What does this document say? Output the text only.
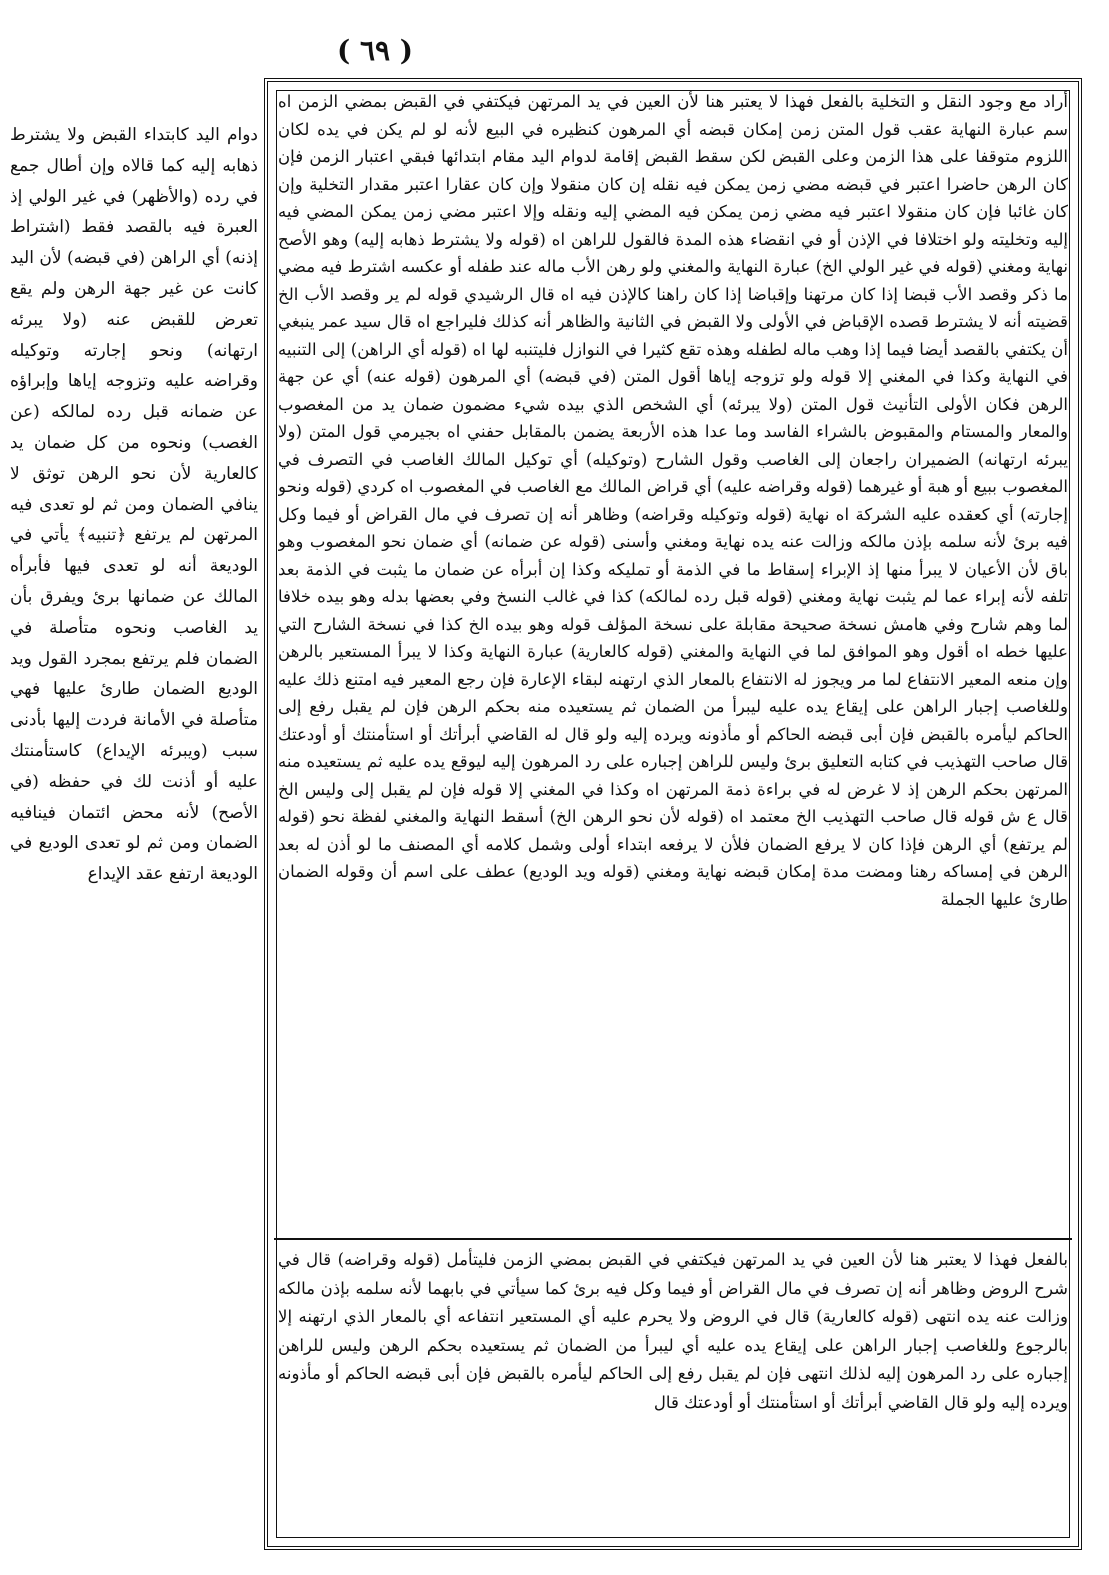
( ٦٩ )

أراد مع وجود النقل و التخلية بالفعل فهذا لا يعتبر هنا لأن العين في يد المرتهن فيكتفي في القبض بمضي الزمن اه سم عبارة النهاية عقب قول المتن زمن إمكان قبضه أي المرهون كنظيره في البيع لأنه لو لم يكن في يده لكان اللزوم متوقفا على هذا الزمن وعلى القبض لكن سقط القبض إقامة لدوام اليد مقام ابتدائها فبقي اعتبار الزمن فإن كان الرهن حاضرا اعتبر في قبضه مضي زمن يمكن فيه نقله إن كان منقولا وإن كان عقارا اعتبر مقدار التخلية وإن كان غائبا فإن كان منقولا اعتبر فيه مضي زمن يمكن فيه المضي إليه ونقله وإلا اعتبر مضي زمن يمكن المضي فيه إليه وتخليته ولو اختلافا في الإذن أو في انقضاء هذه المدة فالقول للراهن اه (قوله ولا يشترط ذهابه إليه) وهو الأصح نهاية ومغني (قوله في غير الولي الخ) عبارة النهاية والمغني ولو رهن الأب ماله عند طفله أو عكسه اشترط فيه مضي ما ذكر وقصد الأب قبضا إذا كان مرتهنا وإقباضا إذا كان راهنا كالإذن فيه اه قال الرشيدي قوله لم ير وقصد الأب الخ قضيته أنه لا يشترط قصده الإقباض في الأولى ولا القبض في الثانية والظاهر أنه كذلك فليراجع اه قال سيد عمر ينبغي أن يكتفي بالقصد أيضا فيما إذا وهب ماله لطفله وهذه تقع كثيرا في النوازل فليتنبه لها اه (قوله أي الراهن) إلى التنبيه في النهاية وكذا في المغني إلا قوله ولو تزوجه إياها أقول المتن (في قبضه) أي المرهون (قوله عنه) أي عن جهة الرهن فكان الأولى التأنيث قول المتن (ولا يبرئه) أي الشخص الذي بيده شيء مضمون ضمان يد من المغصوب والمعار والمستام والمقبوض بالشراء الفاسد وما عدا هذه الأربعة يضمن بالمقابل حفني اه بجيرمي قول المتن (ولا يبرئه ارتهانه) الضميران راجعان إلى الغاصب وقول الشارح (وتوكيله) أي توكيل المالك الغاصب في التصرف في المغصوب ببيع أو هبة أو غيرهما (قوله وقراضه عليه) أي قراض المالك مع الغاصب في المغصوب اه كردي (قوله ونحو إجارته) أي كعقده عليه الشركة اه نهاية (قوله وتوكيله وقراضه) وظاهر أنه إن تصرف في مال القراض أو فيما وكل فيه برئ لأنه سلمه بإذن مالكه وزالت عنه يده نهاية ومغني وأسنى (قوله عن ضمانه) أي ضمان نحو المغصوب وهو باق لأن الأعيان لا يبرأ منها إذ الإبراء إسقاط ما في الذمة أو تمليكه وكذا إن أبرأه عن ضمان ما يثبت في الذمة بعد تلفه لأنه إبراء عما لم يثبت نهاية ومغني (قوله قبل رده لمالكه) كذا في غالب النسخ وفي بعضها بدله وهو بيده خلافا لما وهم شارح وفي هامش نسخة صحيحة مقابلة على نسخة المؤلف قوله وهو بيده الخ كذا في نسخة الشارح التي عليها خطه اه أقول وهو الموافق لما في النهاية والمغني (قوله كالعارية) عبارة النهاية وكذا لا يبرأ المستعير بالرهن وإن منعه المعير الانتفاع لما مر ويجوز له الانتفاع بالمعار الذي ارتهنه لبقاء الإعارة فإن رجع المعير فيه امتنع ذلك عليه وللغاصب إجبار الراهن على إيقاع يده عليه ليبرأ من الضمان ثم يستعيده منه بحكم الرهن فإن لم يقبل رفع إلى الحاكم ليأمره بالقبض فإن أبى قبضه الحاكم أو مأذونه ويرده إليه ولو قال له القاضي أبرأتك أو استأمنتك أو أودعتك قال صاحب التهذيب في كتابه التعليق برئ وليس للراهن إجباره على رد المرهون إليه ليوقع يده عليه ثم يستعيده منه المرتهن بحكم الرهن إذ لا غرض له في براءة ذمة المرتهن اه وكذا في المغني إلا قوله فإن لم يقبل إلى وليس الخ قال ع ش قوله قال صاحب التهذيب الخ معتمد اه (قوله لأن نحو الرهن الخ) أسقط النهاية والمغني لفظة نحو (قوله لم يرتفع) أي الرهن فإذا كان لا يرفع الضمان فلأن لا يرفعه ابتداء أولى وشمل كلامه أي المصنف ما لو أذن له بعد الرهن في إمساكه رهنا ومضت مدة إمكان قبضه نهاية ومغني (قوله ويد الوديع) عطف على اسم أن وقوله الضمان طارئ عليها الجملة

بالفعل فهذا لا يعتبر هنا لأن العين في يد المرتهن فيكتفي في القبض بمضي الزمن فليتأمل (قوله وقراضه) قال في شرح الروض وظاهر أنه إن تصرف في مال القراض أو فيما وكل فيه برئ كما سيأتي في بابهما لأنه سلمه بإذن مالكه وزالت عنه يده انتهى (قوله كالعارية) قال في الروض ولا يحرم عليه أي المستعير انتفاعه أي بالمعار الذي ارتهنه إلا بالرجوع وللغاصب إجبار الراهن على إيقاع يده عليه أي ليبرأ من الضمان ثم يستعيده بحكم الرهن وليس للراهن إجباره على رد المرهون إليه لذلك انتهى فإن لم يقبل رفع إلى الحاكم ليأمره بالقبض فإن أبى قبضه الحاكم أو مأذونه ويرده إليه ولو قال القاضي أبرأتك أو استأمنتك أو أودعتك قال

دوام اليد كابتداء القبض ولا يشترط ذهابه إليه كما قالاه وإن أطال جمع في رده (والأظهر) في غير الولي إذ العبرة فيه بالقصد فقط (اشتراط إذنه) أي الراهن (في قبضه) لأن اليد كانت عن غير جهة الرهن ولم يقع تعرض للقبض عنه (ولا يبرئه ارتهانه) ونحو إجارته وتوكيله وقراضه عليه وتزوجه إياها وإبراؤه عن ضمانه قبل رده لمالكه (عن الغصب) ونحوه من كل ضمان يد كالعارية لأن نحو الرهن توثق لا ينافي الضمان ومن ثم لو تعدى فيه المرتهن لم يرتفع ﴿تنبيه﴾ يأتي في الوديعة أنه لو تعدى فيها فأبرأه المالك عن ضمانها برئ ويفرق بأن يد الغاصب ونحوه متأصلة في الضمان فلم يرتفع بمجرد القول ويد الوديع الضمان طارئ عليها فهي متأصلة في الأمانة فردت إليها بأدنى سبب (ويبرئه الإيداع) كاستأمنتك عليه أو أذنت لك في حفظه (في الأصح) لأنه محض ائتمان فينافيه الضمان ومن ثم لو تعدى الوديع في الوديعة ارتفع عقد الإيداع
